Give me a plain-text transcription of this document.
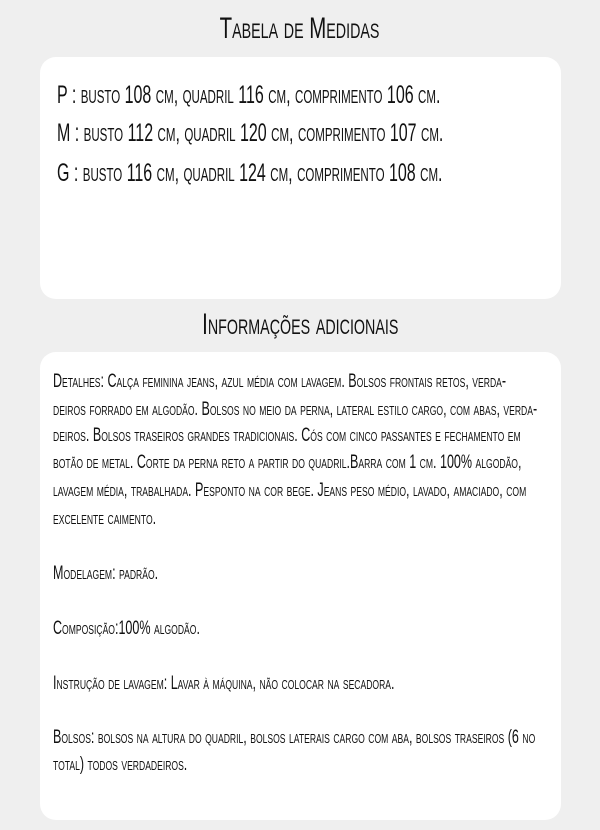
Tabela de Medidas
P : busto 108 cm, quadril 116 cm, comprimento 106 cm.
M : busto 112 cm, quadril 120 cm, comprimento 107 cm.
G : busto 116 cm, quadril 124 cm, comprimento 108 cm.
Informações adicionais
Detalhes: Calça feminina jeans, azul média com lavagem. Bolsos frontais retos, verda-
deiros forrado em algodão. Bolsos no meio da perna, lateral estilo cargo, com abas, verda-
deiros. Bolsos traseiros grandes tradicionais. Cós com cinco passantes e fechamento em
botão de metal. Corte da perna reto a partir do quadril.Barra com 1 cm. 100% algodão,
lavagem média, trabalhada. Pesponto na cor bege. Jeans peso médio, lavado, amaciado, com
excelente caimento.
Modelagem: padrão.
Composição:100% algodão.
Instrução de lavagem: Lavar à máquina, não colocar na secadora.
Bolsos: bolsos na altura do quadril, bolsos laterais cargo com aba, bolsos traseiros (6 no
total) todos verdadeiros.
